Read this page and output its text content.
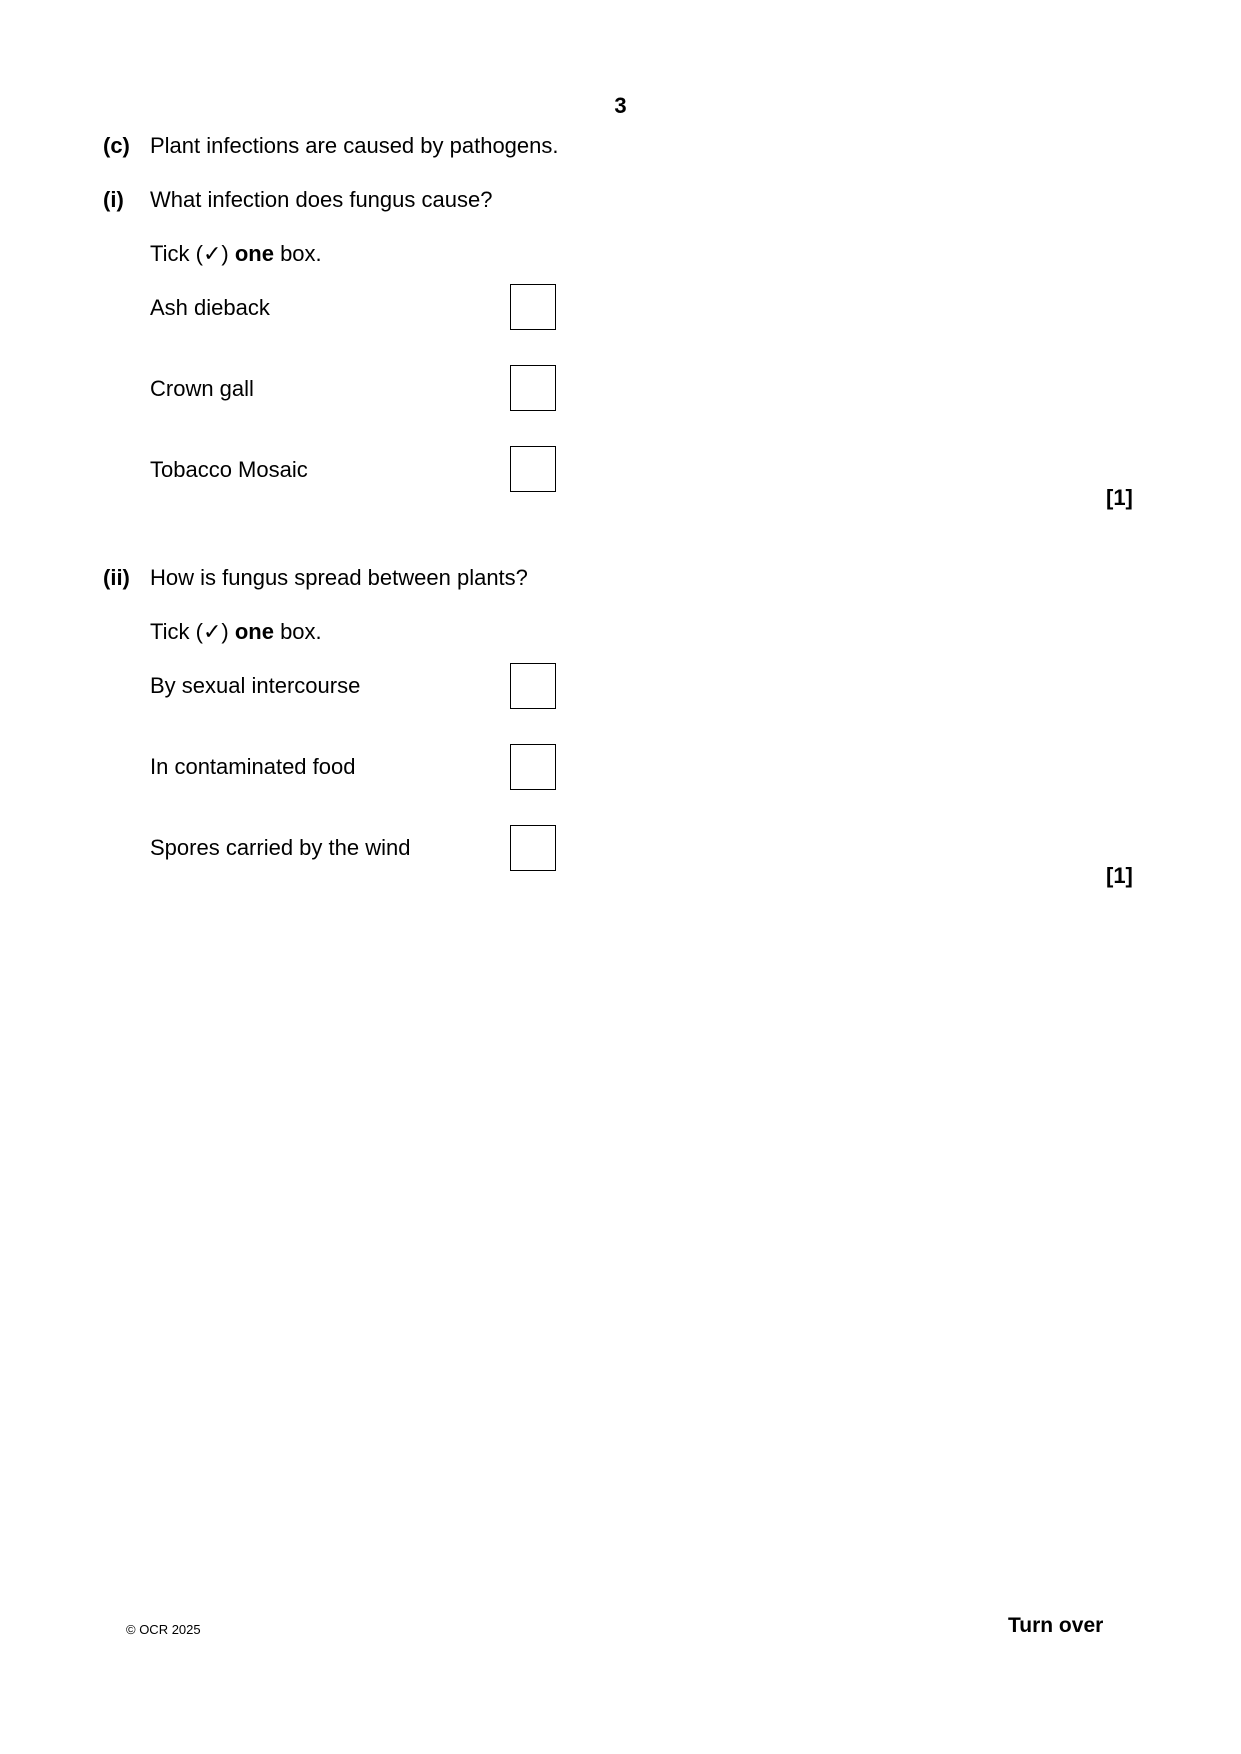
3
(c) Plant infections are caused by pathogens.
(i) What infection does fungus cause?
Tick (✓) one box.
Ash dieback
Crown gall
Tobacco Mosaic
[1]
(ii) How is fungus spread between plants?
Tick (✓) one box.
By sexual intercourse
In contaminated food
Spores carried by the wind
[1]
© OCR 2025	Turn over
